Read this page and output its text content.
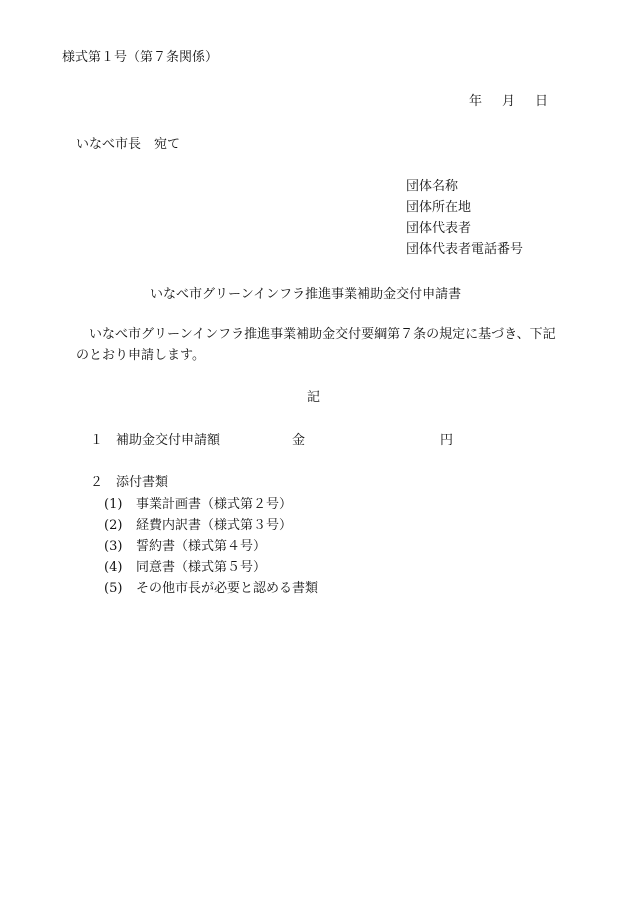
様式第１号（第７条関係）
年 月 日
いなべ市長　宛て
団体名称
団体所在地
団体代表者
団体代表者電話番号
いなべ市グリーンインフラ推進事業補助金交付申請書
いなべ市グリーンインフラ推進事業補助金交付要綱第７条の規定に基づき、下記のとおり申請します。
記
１ 補助金交付申請額	金	円
２ 添付書類
(1) 事業計画書（様式第２号）
(2) 経費内訳書（様式第３号）
(3) 誓約書（様式第４号）
(4) 同意書（様式第５号）
(5) その他市長が必要と認める書類
